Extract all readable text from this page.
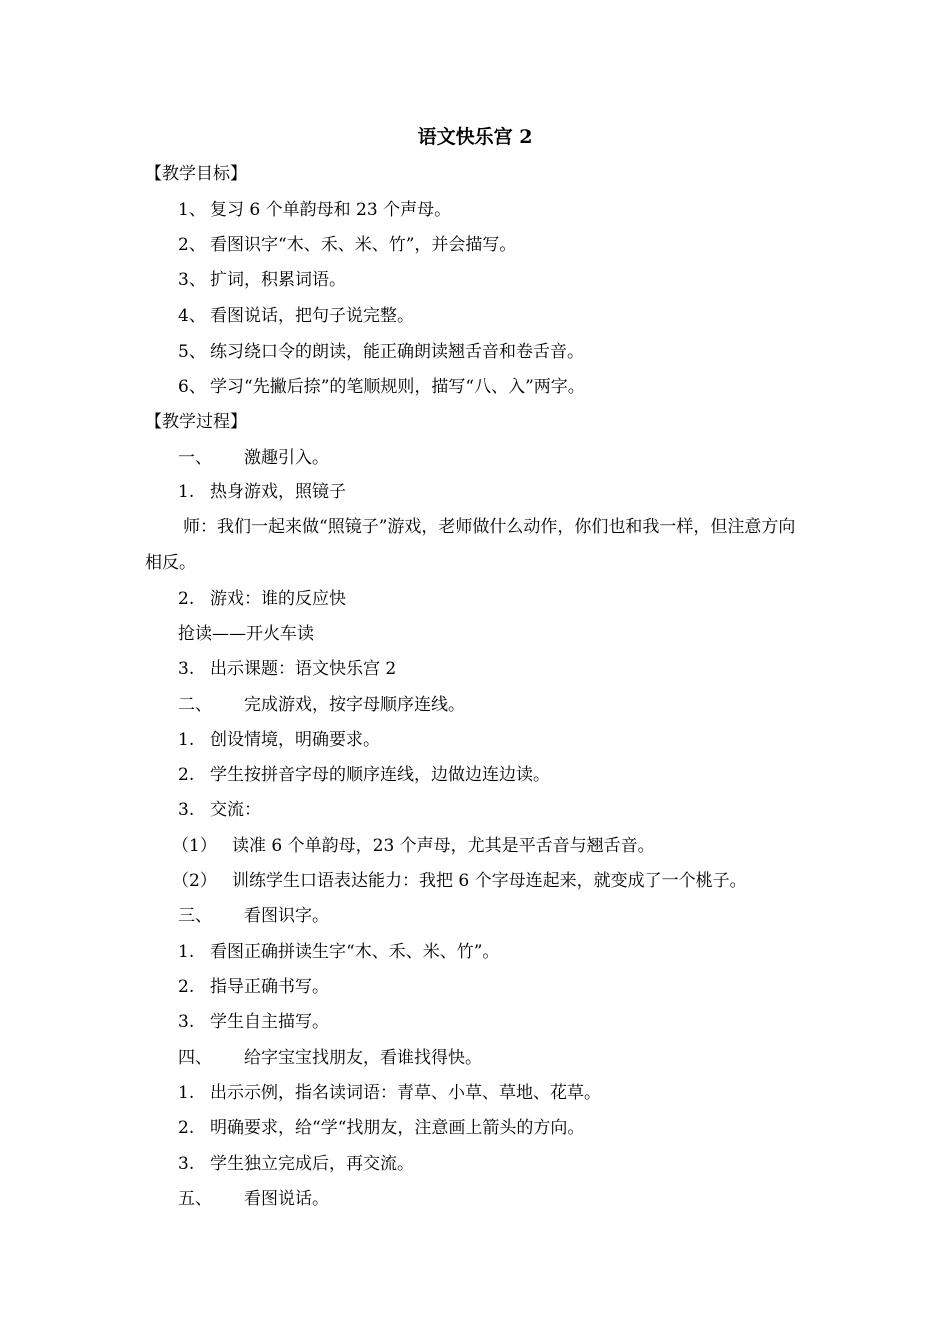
语文快乐宫 2
【教学目标】
1、 复习 6 个单韵母和 23 个声母。
2、 看图识字“木、禾、米、竹”，并会描写。
3、 扩词，积累词语。
4、 看图说话，把句子说完整。
5、 练习绕口令的朗读，能正确朗读翘舌音和卷舌音。
6、 学习“先撇后捺”的笔顺规则，描写“八、入”两字。
【教学过程】
一、 激趣引入。
1. 热身游戏，照镜子
师：我们一起来做“照镜子”游戏，老师做什么动作，你们也和我一样，但注意方向相反。
2. 游戏：谁的反应快
抢读——开火车读
3. 出示课题：语文快乐宫 2
二、 完成游戏，按字母顺序连线。
1. 创设情境，明确要求。
2. 学生按拼音字母的顺序连线，边做边连边读。
3. 交流：
（1） 读准 6 个单韵母，23 个声母，尤其是平舌音与翘舌音。
（2） 训练学生口语表达能力：我把 6 个字母连起来，就变成了一个桃子。
三、 看图识字。
1. 看图正确拼读生字“木、禾、米、竹”。
2. 指导正确书写。
3. 学生自主描写。
四、 给字宝宝找朋友，看谁找得快。
1. 出示示例，指名读词语：青草、小草、草地、花草。
2. 明确要求，给“学“找朋友，注意画上箭头的方向。
3. 学生独立完成后，再交流。
五、 看图说话。
